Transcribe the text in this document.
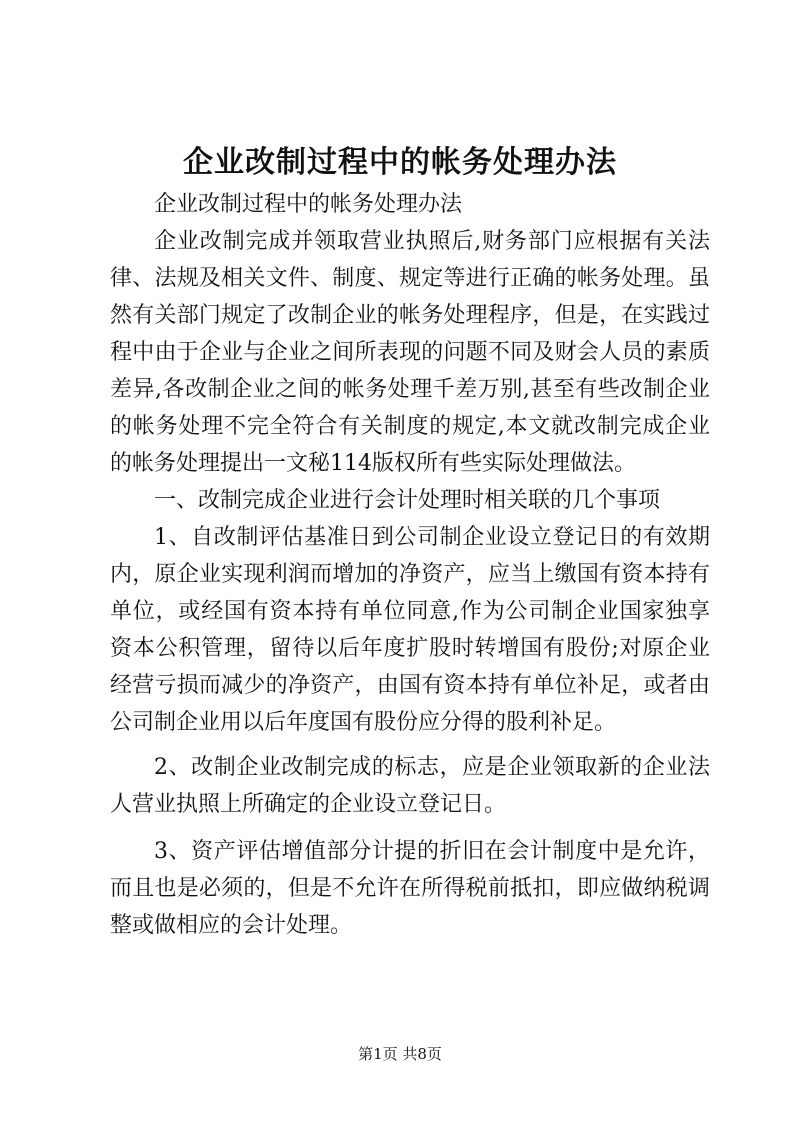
企业改制过程中的帐务处理办法

企业改制过程中的帐务处理办法

企业改制完成并领取营业执照后,财务部门应根据有关法律、法规及相关文件、制度、规定等进行正确的帐务处理。虽然有关部门规定了改制企业的帐务处理程序，但是，在实践过程中由于企业与企业之间所表现的问题不同及财会人员的素质差异,各改制企业之间的帐务处理千差万别,甚至有些改制企业的帐务处理不完全符合有关制度的规定,本文就改制完成企业的帐务处理提出一文秘114版权所有些实际处理做法。

一、改制完成企业进行会计处理时相关联的几个事项

1、自改制评估基准日到公司制企业设立登记日的有效期内，原企业实现利润而增加的净资产，应当上缴国有资本持有单位，或经国有资本持有单位同意,作为公司制企业国家独享资本公积管理，留待以后年度扩股时转增国有股份;对原企业经营亏损而减少的净资产，由国有资本持有单位补足，或者由公司制企业用以后年度国有股份应分得的股利补足。

2、改制企业改制完成的标志，应是企业领取新的企业法人营业执照上所确定的企业设立登记日。

3、资产评估增值部分计提的折旧在会计制度中是允许，而且也是必须的，但是不允许在所得税前抵扣，即应做纳税调整或做相应的会计处理。

第1页 共8页
